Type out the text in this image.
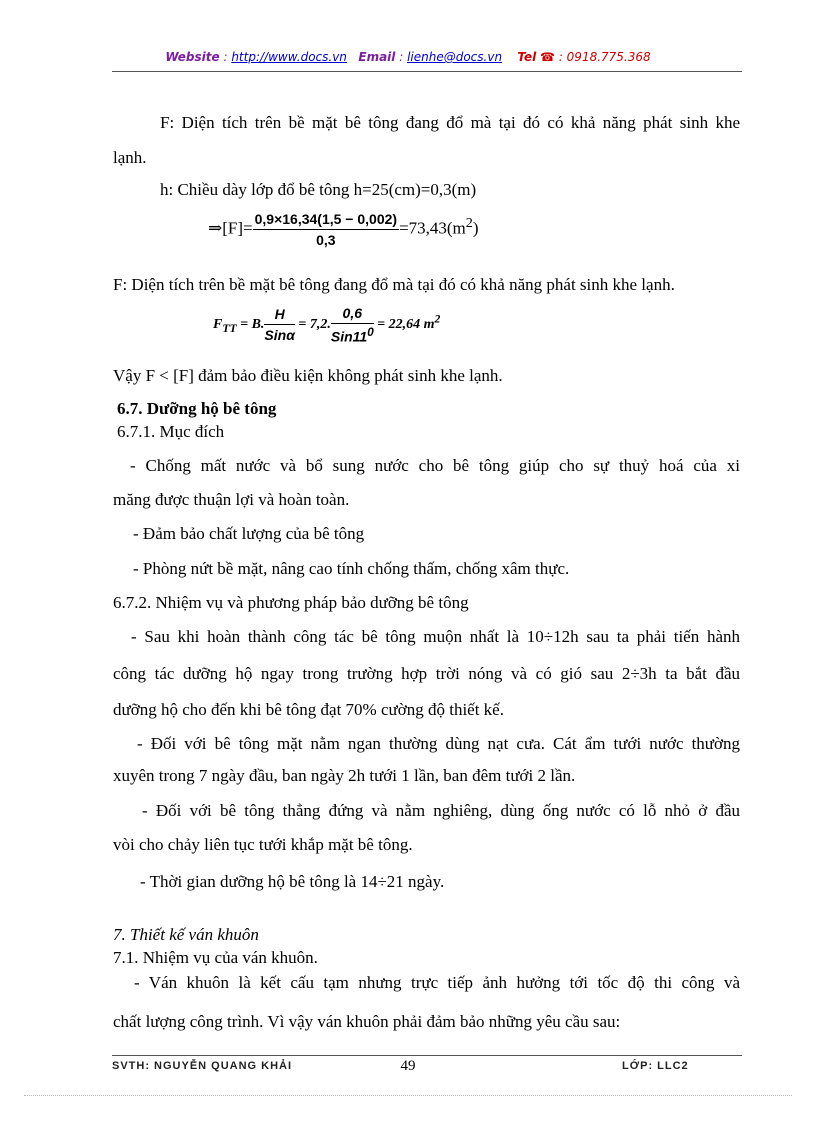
Website : http://www.docs.vn Email : lienhe@docs.vn Tel ☎ : 0918.775.368
F: Diện tích trên bề mặt bê tông đang đổ mà tại đó có khả năng phát sinh khe
lạnh.
h: Chiều dày lớp đổ bê tông h=25(cm)=0,3(m)
⇒[F]= $\frac{0,9\times 16,34(1,5 - 0,002)}{0,3} =73,43(m^2)$
F: Diện tích trên bề mặt bê tông đang đổ mà tại đó có khả năng phát sinh khe lạnh.
$F_{TT} = B$. $\frac{H}{\text{Sinα}} = 7,2$. $\frac{0,6}{Sin11^0} = 22,64$ $m^2$
Vậy F < [F] đảm bảo điều kiện không phát sinh khe lạnh.
6.7. Dưỡng hộ bê tông
6.7.1. Mục đích
- Chống mất nước và bổ sung nước cho bê tông giúp cho sự thuỷ hoá của xi
măng được thuận lợi và hoàn toàn.
- Đảm bảo chất lượng của bê tông
- Phòng nứt bề mặt, nâng cao tính chống thấm, chống xâm thực.
6.7.2. Nhiệm vụ và phương pháp bảo dưỡng bê tông
- Sau khi hoàn thành công tác bê tông muộn nhất là 10÷12h sau ta phải tiến hành
công tác dưỡng hộ ngay trong trường hợp trời nóng và có gió sau 2÷3h ta bắt đầu
dưỡng hộ cho đến khi bê tông đạt 70% cường độ thiết kế.
- Đối với bê tông mặt nằm ngan thường dùng nạt cưa. Cát ẩm tưới nước thường
xuyên trong 7 ngày đầu, ban ngày 2h tưới 1 lần, ban đêm tưới 2 lần.
- Đối với bê tông thẳng đứng và nằm nghiêng, dùng ống nước có lỗ nhỏ ở đầu
vòi cho chảy liên tục tưới khắp mặt bê tông.
- Thời gian dưỡng hộ bê tông là 14÷21 ngày.
7. Thiết kế ván khuôn
7.1. Nhiệm vụ của ván khuôn.
- Ván khuôn là kết cấu tạm nhưng trực tiếp ảnh hưởng tới tốc độ thi công và
chất lượng công trình. Vì vậy ván khuôn phải đảm bảo những yêu cầu sau:
SVTH: NGUYỄN QUANG KHẢI	49	LỚP: LLC2
